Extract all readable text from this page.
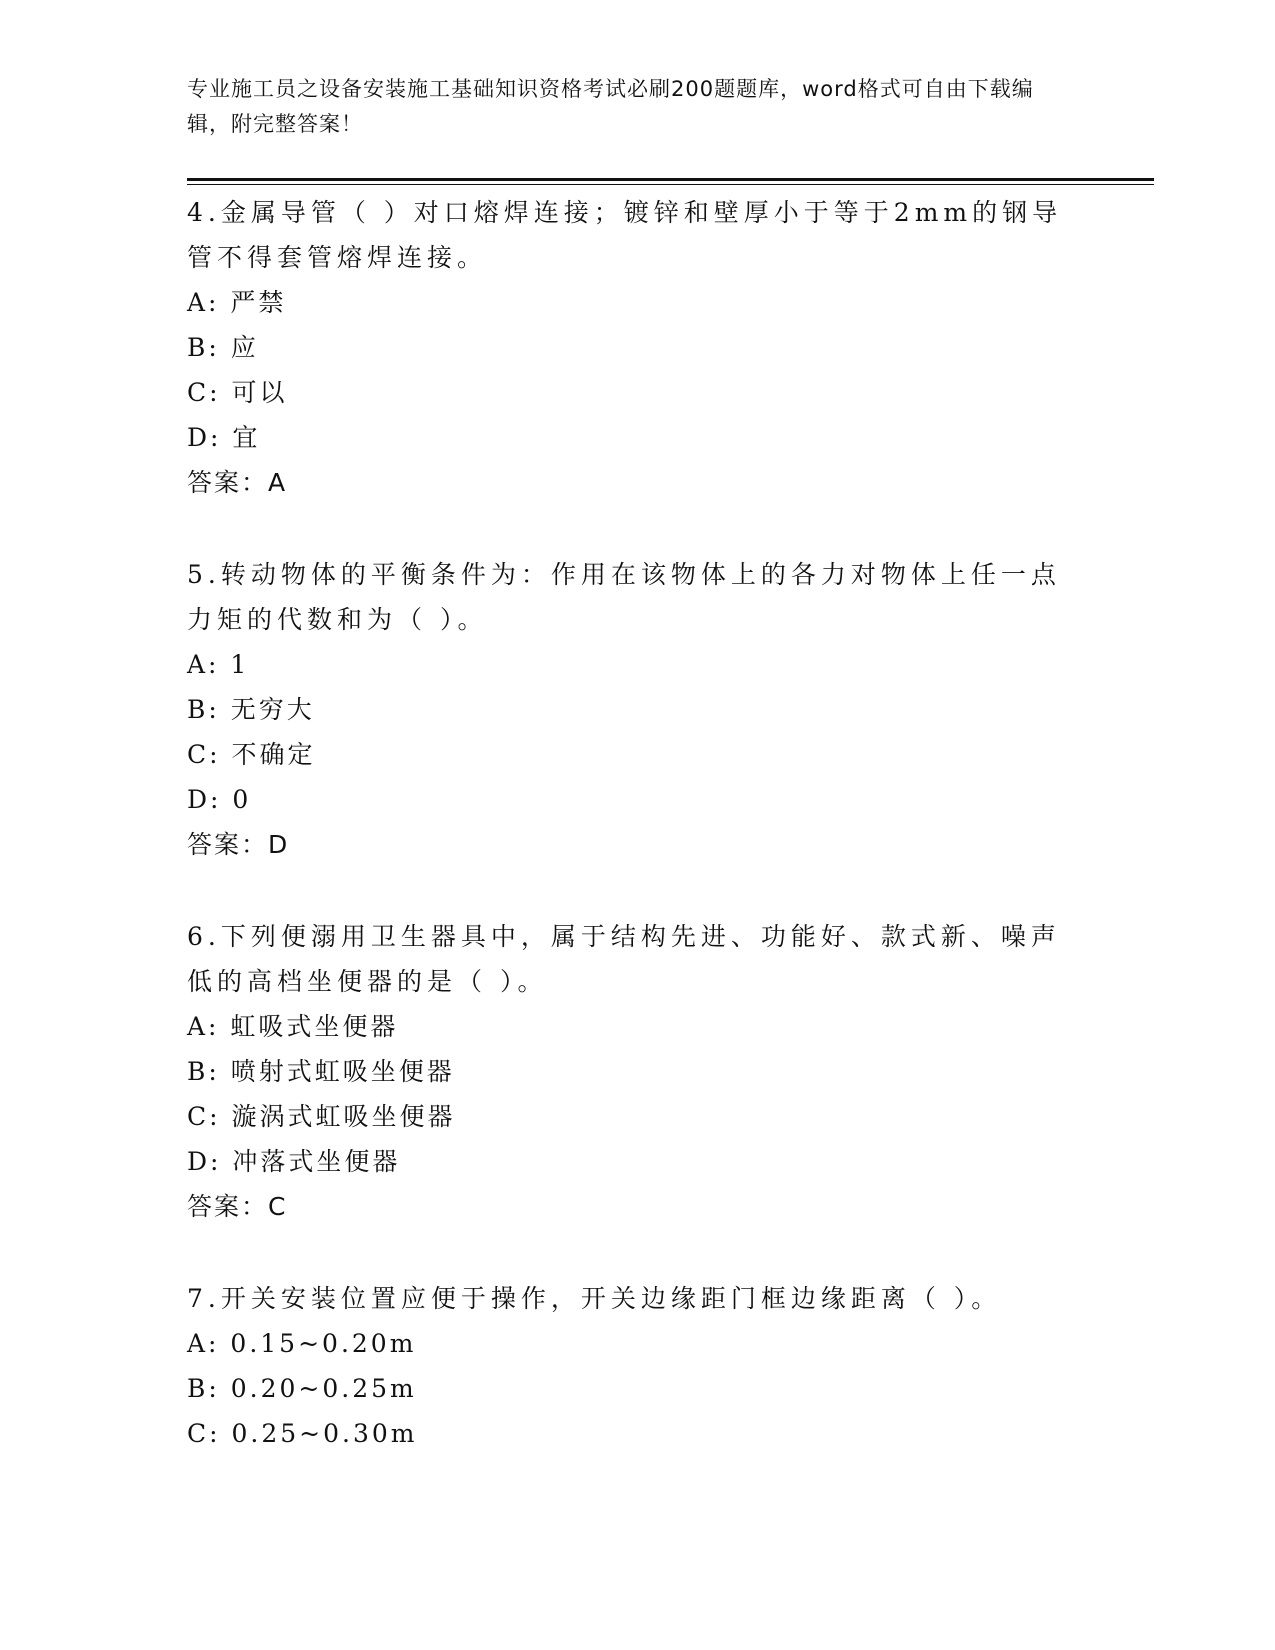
专业施工员之设备安装施工基础知识资格考试必刷200题题库，word格式可自由下载编辑，附完整答案！
4.金属导管（ ）对口熔焊连接；镀锌和壁厚小于等于2mm的钢导管不得套管熔焊连接。
A: 严禁
B: 应
C: 可以
D: 宜
答案：A
5.转动物体的平衡条件为：作用在该物体上的各力对物体上任一点力矩的代数和为（ ）。
A: 1
B: 无穷大
C: 不确定
D: 0
答案：D
6.下列便溺用卫生器具中，属于结构先进、功能好、款式新、噪声低的高档坐便器的是（ ）。
A: 虹吸式坐便器
B: 喷射式虹吸坐便器
C: 漩涡式虹吸坐便器
D: 冲落式坐便器
答案：C
7.开关安装位置应便于操作，开关边缘距门框边缘距离（ ）。
A: 0.15~0.20m
B: 0.20~0.25m
C: 0.25~0.30m
